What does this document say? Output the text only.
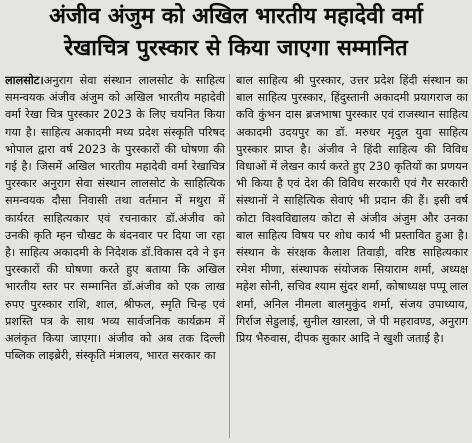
अंजीव अंजुम को अखिल भारतीय महादेवी वर्मा
रेखाचित्र पुरस्कार से किया जाएगा सम्मानित
लालसोट।अनुराग सेवा संस्थान लालसोट के साहित्य समन्वयक अंजीव अंजुम को अखिल भारतीय महादेवी वर्मा रेखा चित्र पुरस्कार 2023 के लिए चयनित किया गया है। साहित्य अकादमी मध्य प्रदेश संस्कृति परिषद भोपाल द्वारा वर्ष 2023 के पुरस्कारों की घोषणा की गई है। जिसमें अखिल भारतीय महादेवी वर्मा रेखाचित्र पुरस्कार अनुराग सेवा संस्थान लालसोट के साहित्यिक समन्वयक दौसा निवासी तथा वर्तमान में मथुरा में कार्यरत साहित्यकार एवं रचनाकार डॉ.अंजीव को उनकी कृति म्हन चौखट के बंदनवार पर दिया जा रहा है। साहित्य अकादमी के निदेशक डॉ.विकास दवे ने इन पुरस्कारों की घोषणा करते हुए बताया कि अखिल भारतीय स्तर पर सम्मानित डॉ.अंजीव को एक लाख रुपए पुरस्कार राशि, शाल, श्रीफल, स्मृति चिन्ह एवं प्रशस्ति पत्र के साथ भव्य सार्वजनिक कार्यक्रम में अलंकृत किया जाएगा। अंजीव को अब तक दिल्ली पब्लिक लाइब्रेरी, संस्कृति मंत्रालय, भारत सरकार का
बाल साहित्य श्री पुरस्कार, उत्तर प्रदेश हिंदी संस्थान का बाल साहित्य पुरस्कार, हिंदुस्तानी अकादमी प्रयागराज का कवि कुंभन दास ब्रजभाषा पुरस्कार एवं राजस्थान साहित्य अकादमी उदयपुर का डॉ. मरुधर मृदुल युवा साहित्य पुरस्कार प्राप्त है। अंजीव ने हिंदी साहित्य की विविध विधाओं में लेखन कार्य करते हुए 230 कृतियों का प्रणयन भी किया है एवं देश की विविध सरकारी एवं गैर सरकारी संस्थानों ने साहित्यिक सेवाएं भी प्रदान की हैं। इसी वर्ष कोटा विश्वविद्यालय कोटा से अंजीव अंजुम और उनका बाल साहित्य विषय पर शोध कार्य भी प्रस्तावित हुआ है। संस्थान के संरक्षक कैलाश तिवाड़ी, वरिष्ठ साहित्यकार रमेश मीणा, संस्थापक संयोजक सियाराम शर्मा, अध्यक्ष महेश सोनी, सचिव श्याम सुंदर शर्मा, कोषाध्यक्ष पप्पू लाल शर्मा, अनिल नीमला बालमुकुंद शर्मा, संजय उपाध्याय, गिर्राज सेडुलाई, सुनील खारला, जे पी महरावण्ड, अनुराग प्रिय भैरुवास, दीपक सुकार आदि ने खुशी जताई है।
